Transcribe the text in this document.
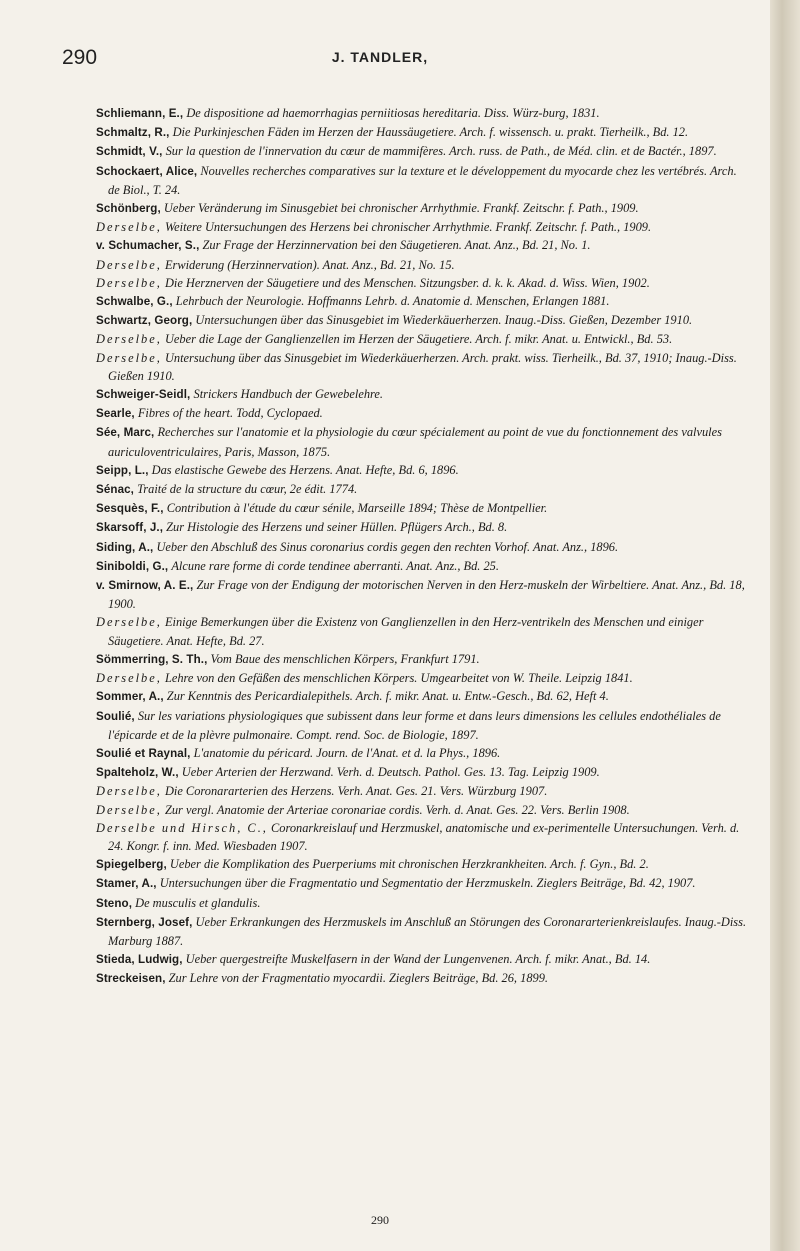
290	J. TANDLER,
Schliemann, E., De dispositione ad haemorrhagias perniitiosas hereditaria. Diss. Würz-burg, 1831.
Schmaltz, R., Die Purkinjeschen Fäden im Herzen der Haussäugetiere. Arch. f. wissensch. u. prakt. Tierheilk., Bd. 12.
Schmidt, V., Sur la question de l'innervation du cœur de mammifères. Arch. russ. de Path., de Méd. clin. et de Bactér., 1897.
Schockaert, Alice, Nouvelles recherches comparatives sur la texture et le développement du myocarde chez les vertébrés. Arch. de Biol., T. 24.
Schönberg, Ueber Veränderung im Sinusgebiet bei chronischer Arrhythmie. Frankf. Zeitschr. f. Path., 1909.
Derselbe, Weitere Untersuchungen des Herzens bei chronischer Arrhythmie. Frankf. Zeitschr. f. Path., 1909.
v. Schumacher, S., Zur Frage der Herzinnervation bei den Säugetieren. Anat. Anz., Bd. 21, No. 1.
Derselbe, Erwiderung (Herzinnervation). Anat. Anz., Bd. 21, No. 15.
Derselbe, Die Herznerven der Säugetiere und des Menschen. Sitzungsber. d. k. k. Akad. d. Wiss. Wien, 1902.
Schwalbe, G., Lehrbuch der Neurologie. Hoffmanns Lehrb. d. Anatomie d. Menschen, Erlangen 1881.
Schwartz, Georg, Untersuchungen über das Sinusgebiet im Wiederkäuerherzen. Inaug.-Diss. Gießen, Dezember 1910.
Derselbe, Ueber die Lage der Ganglienzellen im Herzen der Säugetiere. Arch. f. mikr. Anat. u. Entwickl., Bd. 53.
Derselbe, Untersuchung über das Sinusgebiet im Wiederkäuerherzen. Arch. prakt. wiss. Tierheilk., Bd. 37, 1910; Inaug.-Diss. Gießen 1910.
Schweiger-Seidl, Strickers Handbuch der Gewebelehre.
Searle, Fibres of the heart. Todd, Cyclopaed.
Sée, Marc, Recherches sur l'anatomie et la physiologie du cœur spécialement au point de vue du fonctionnement des valvules auriculoventriculaires, Paris, Masson, 1875.
Seipp, L., Das elastische Gewebe des Herzens. Anat. Hefte, Bd. 6, 1896.
Sénac, Traité de la structure du cœur, 2e édit. 1774.
Sesquès, F., Contribution à l'étude du cœur sénile, Marseille 1894; Thèse de Montpellier.
Skarsoff, J., Zur Histologie des Herzens und seiner Hüllen. Pflügers Arch., Bd. 8.
Siding, A., Ueber den Abschluß des Sinus coronarius cordis gegen den rechten Vorhof. Anat. Anz., 1896.
Siniboldi, G., Alcune rare forme di corde tendinee aberranti. Anat. Anz., Bd. 25.
v. Smirnow, A. E., Zur Frage von der Endigung der motorischen Nerven in den Herz-muskeln der Wirbeltiere. Anat. Anz., Bd. 18, 1900.
Derselbe, Einige Bemerkungen über die Existenz von Ganglienzellen in den Herz-ventrikeln des Menschen und einiger Säugetiere. Anat. Hefte, Bd. 27.
Sömmerring, S. Th., Vom Baue des menschlichen Körpers, Frankfurt 1791.
Derselbe, Lehre von den Gefäßen des menschlichen Körpers. Umgearbeitet von W. Theile. Leipzig 1841.
Sommer, A., Zur Kenntnis des Pericardialepithels. Arch. f. mikr. Anat. u. Entw.-Gesch., Bd. 62, Heft 4.
Soulié, Sur les variations physiologiques que subissent dans leur forme et dans leurs dimensions les cellules endothéliales de l'épicarde et de la plèvre pulmonaire. Compt. rend. Soc. de Biologie, 1897.
Soulié et Raynal, L'anatomie du péricard. Journ. de l'Anat. et d. la Phys., 1896.
Spalteholz, W., Ueber Arterien der Herzwand. Verh. d. Deutsch. Pathol. Ges. 13. Tag. Leipzig 1909.
Derselbe, Die Coronararterien des Herzens. Verh. Anat. Ges. 21. Vers. Würzburg 1907.
Derselbe, Zur vergl. Anatomie der Arteriae coronariae cordis. Verh. d. Anat. Ges. 22. Vers. Berlin 1908.
Derselbe und Hirsch, C., Coronarkreislauf und Herzmuskel, anatomische und ex-perimentelle Untersuchungen. Verh. d. 24. Kongr. f. inn. Med. Wiesbaden 1907.
Spiegelberg, Ueber die Komplikation des Puerperiums mit chronischen Herzkrankheiten. Arch. f. Gyn., Bd. 2.
Stamer, A., Untersuchungen über die Fragmentatio und Segmentatio der Herzmuskeln. Zieglers Beiträge, Bd. 42, 1907.
Steno, De musculis et glandulis.
Sternberg, Josef, Ueber Erkrankungen des Herzmuskels im Anschluß an Störungen des Coronararterienkreislaufes. Inaug.-Diss. Marburg 1887.
Stieda, Ludwig, Ueber quergestreifte Muskelfasern in der Wand der Lungenvenen. Arch. f. mikr. Anat., Bd. 14.
Streckeisen, Zur Lehre von der Fragmentatio myocardii. Zieglers Beiträge, Bd. 26, 1899.
290
